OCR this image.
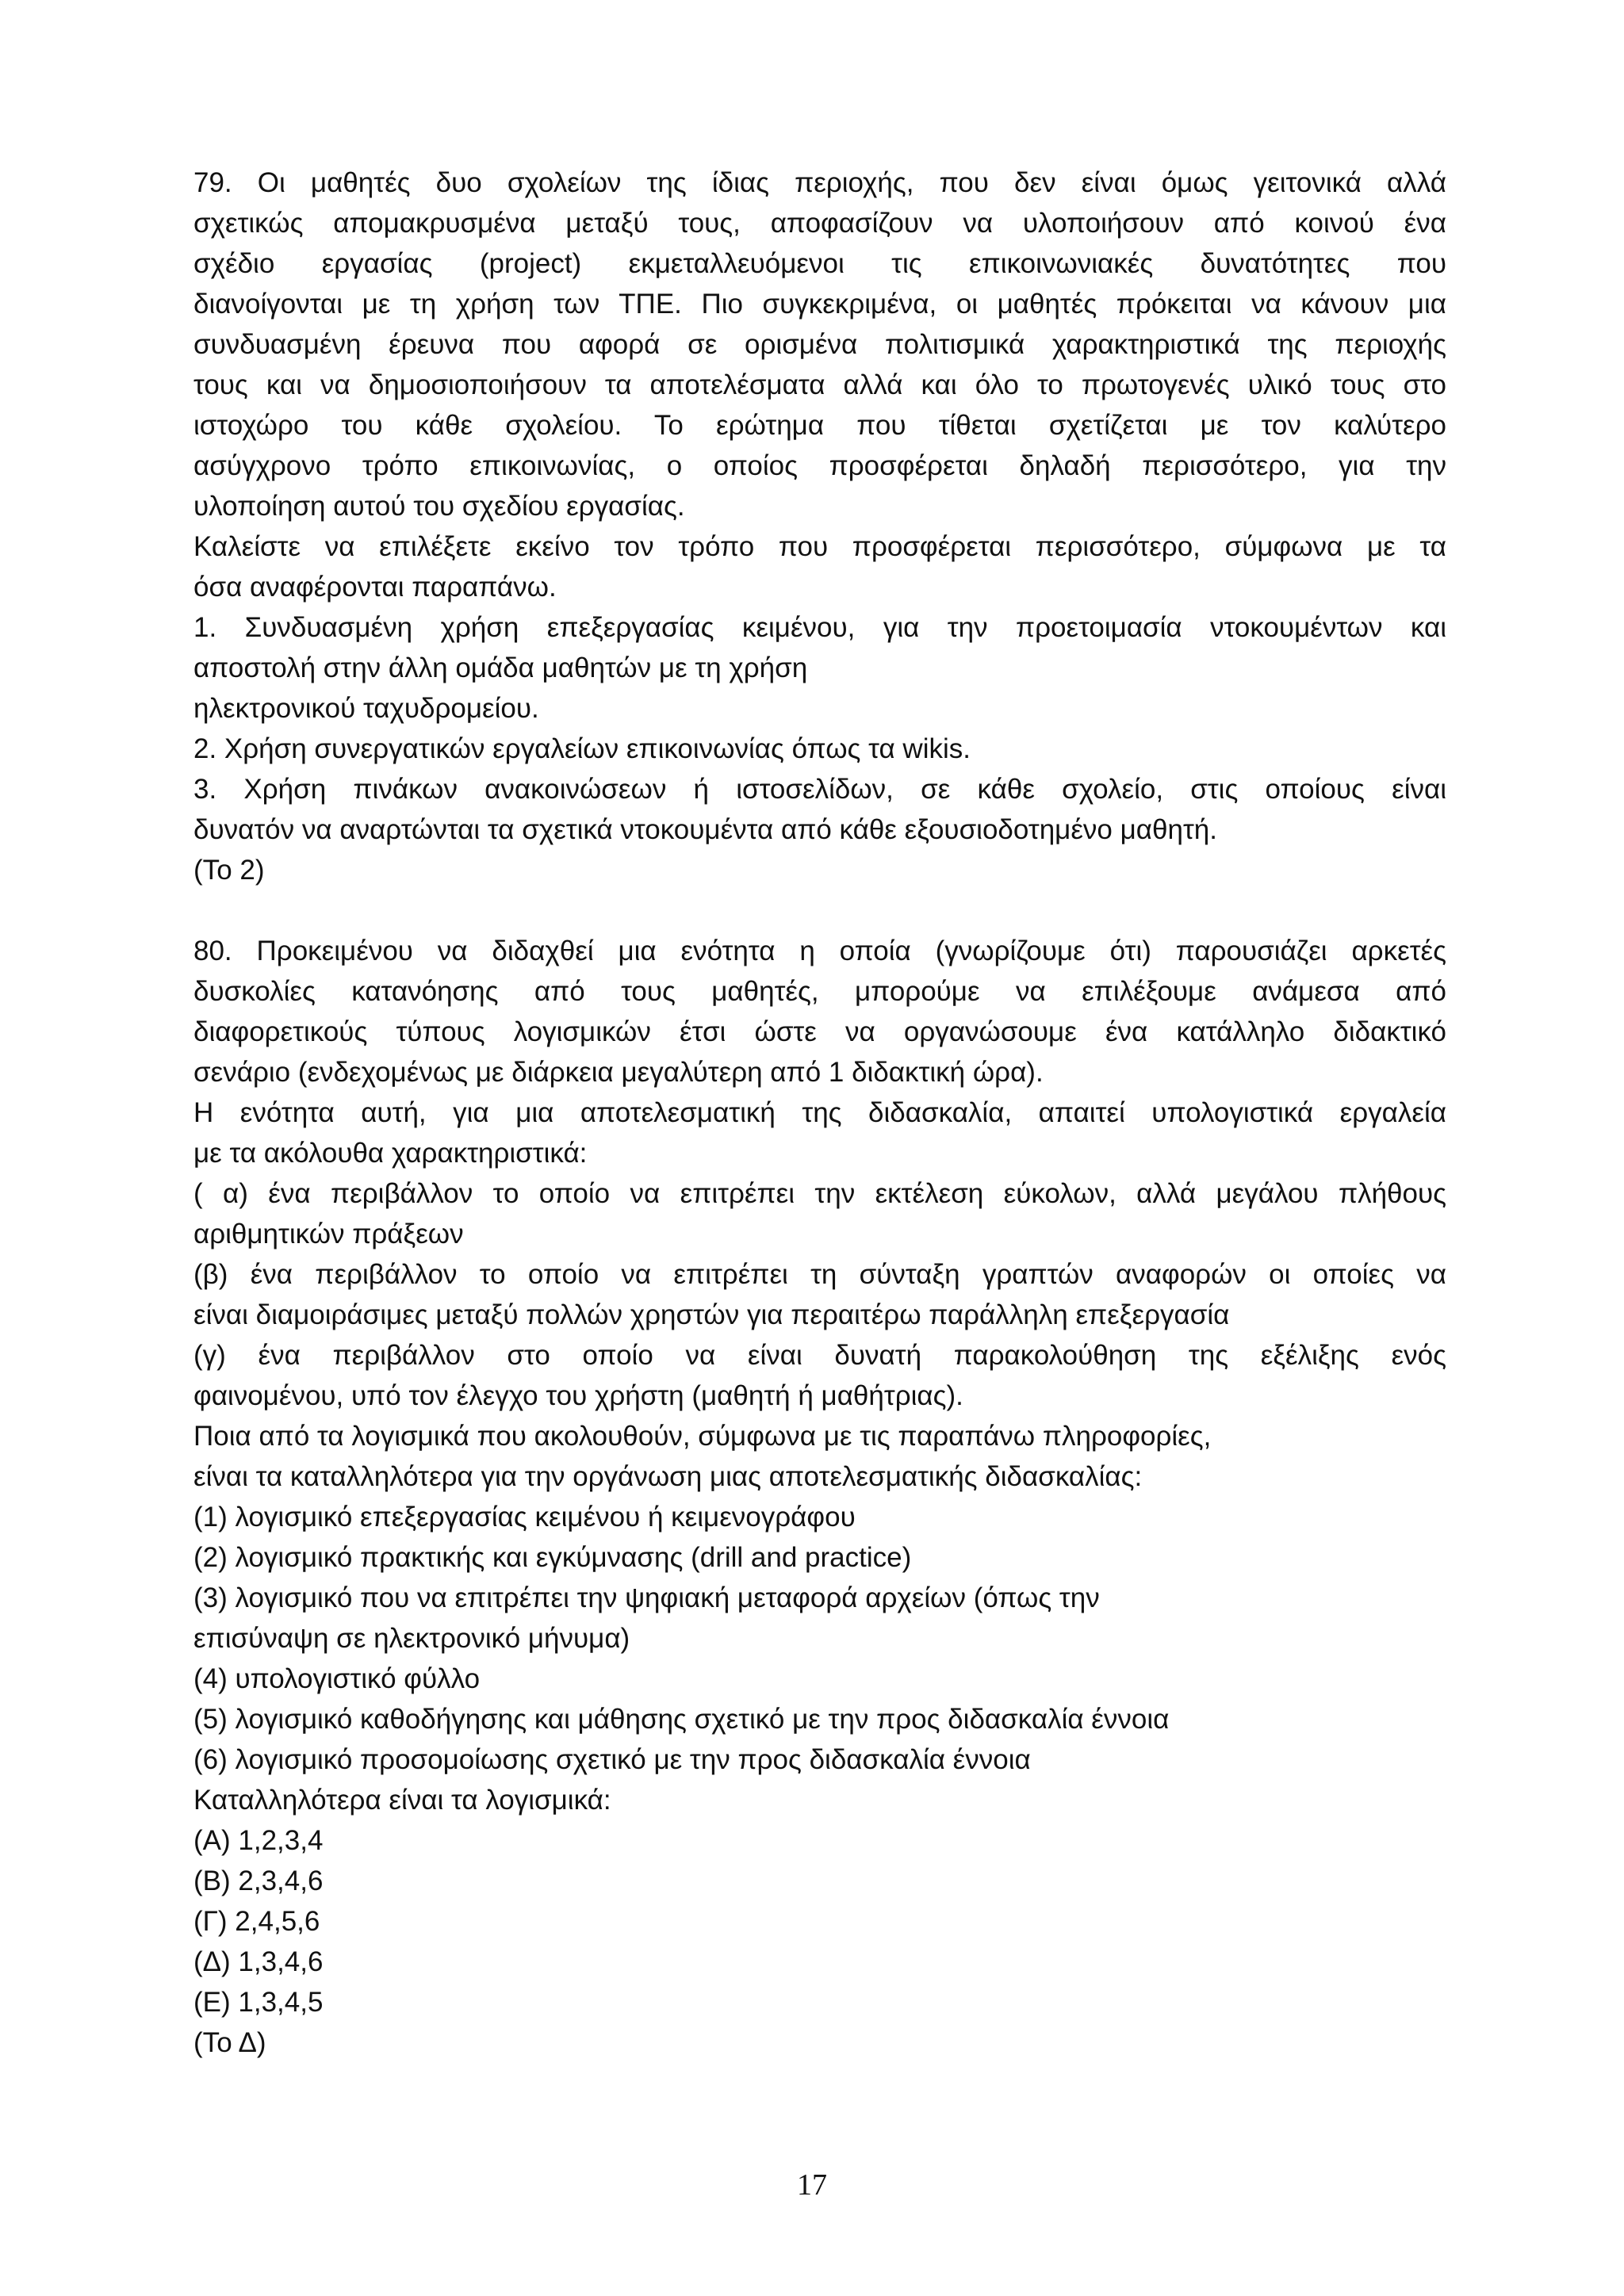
79. Οι μαθητές δυο σχολείων της ίδιας περιοχής, που δεν είναι όμως γειτονικά αλλά

σχετικώς απομακρυσμένα μεταξύ τους, αποφασίζουν να υλοποιήσουν από κοινού ένα

σχέδιο εργασίας (project) εκμεταλλευόμενοι τις επικοινωνιακές δυνατότητες που

διανοίγονται με τη χρήση των ΤΠΕ. Πιο συγκεκριμένα, οι μαθητές πρόκειται να κάνουν μια

συνδυασμένη έρευνα που αφορά σε ορισμένα πολιτισμικά χαρακτηριστικά της περιοχής

τους και να δημοσιοποιήσουν τα αποτελέσματα αλλά και όλο το πρωτογενές υλικό τους στο

ιστοχώρο του κάθε σχολείου. Το ερώτημα που τίθεται σχετίζεται με τον καλύτερο

ασύγχρονο τρόπο επικοινωνίας, ο οποίος προσφέρεται δηλαδή περισσότερο, για την

υλοποίηση αυτού του σχεδίου εργασίας.

Καλείστε να επιλέξετε εκείνο τον τρόπο που προσφέρεται περισσότερο, σύμφωνα με τα

όσα αναφέρονται παραπάνω.

1. Συνδυασμένη χρήση επεξεργασίας κειμένου, για την προετοιμασία ντοκουμέντων και

αποστολή στην άλλη ομάδα μαθητών με τη χρήση

ηλεκτρονικού ταχυδρομείου.

2. Χρήση συνεργατικών εργαλείων επικοινωνίας όπως τα wikis.

3. Χρήση πινάκων ανακοινώσεων ή ιστοσελίδων, σε κάθε σχολείο, στις οποίους είναι

δυνατόν να αναρτώνται τα σχετικά ντοκουμέντα από κάθε εξουσιοδοτημένο μαθητή.

(Το 2)

80. Προκειμένου να διδαχθεί μια ενότητα η οποία (γνωρίζουμε ότι) παρουσιάζει αρκετές

δυσκολίες κατανόησης από τους μαθητές, μπορούμε να επιλέξουμε ανάμεσα από

διαφορετικούς τύπους λογισμικών έτσι ώστε να οργανώσουμε ένα κατάλληλο διδακτικό

σενάριο (ενδεχομένως με διάρκεια μεγαλύτερη από 1 διδακτική ώρα).

Η ενότητα αυτή, για μια αποτελεσματική της διδασκαλία, απαιτεί υπολογιστικά εργαλεία

με τα ακόλουθα χαρακτηριστικά:

( α) ένα περιβάλλον το οποίο να επιτρέπει την εκτέλεση εύκολων, αλλά μεγάλου πλήθους

αριθμητικών πράξεων

(β) ένα περιβάλλον το οποίο να επιτρέπει τη σύνταξη γραπτών αναφορών οι οποίες να

είναι διαμοιράσιμες μεταξύ πολλών χρηστών για περαιτέρω παράλληλη επεξεργασία

(γ) ένα περιβάλλον στο οποίο να είναι δυνατή παρακολούθηση της εξέλιξης ενός

φαινομένου, υπό τον έλεγχο του χρήστη (μαθητή ή μαθήτριας).

Ποια από τα λογισμικά που ακολουθούν, σύμφωνα με τις παραπάνω πληροφορίες,

είναι τα καταλληλότερα για την οργάνωση μιας αποτελεσματικής διδασκαλίας:

(1) λογισμικό επεξεργασίας κειμένου ή κειμενογράφου

(2) λογισμικό πρακτικής και εγκύμνασης (drill and practice)

(3) λογισμικό που να επιτρέπει την ψηφιακή μεταφορά αρχείων (όπως την

επισύναψη σε ηλεκτρονικό μήνυμα)

(4) υπολογιστικό φύλλο

(5) λογισμικό καθοδήγησης και μάθησης σχετικό με την προς διδασκαλία έννοια

(6) λογισμικό προσομοίωσης σχετικό με την προς διδασκαλία έννοια

Καταλληλότερα είναι τα λογισμικά:

(Α) 1,2,3,4

(Β) 2,3,4,6

(Γ) 2,4,5,6

(Δ) 1,3,4,6

(Ε) 1,3,4,5

(Το Δ)

17
